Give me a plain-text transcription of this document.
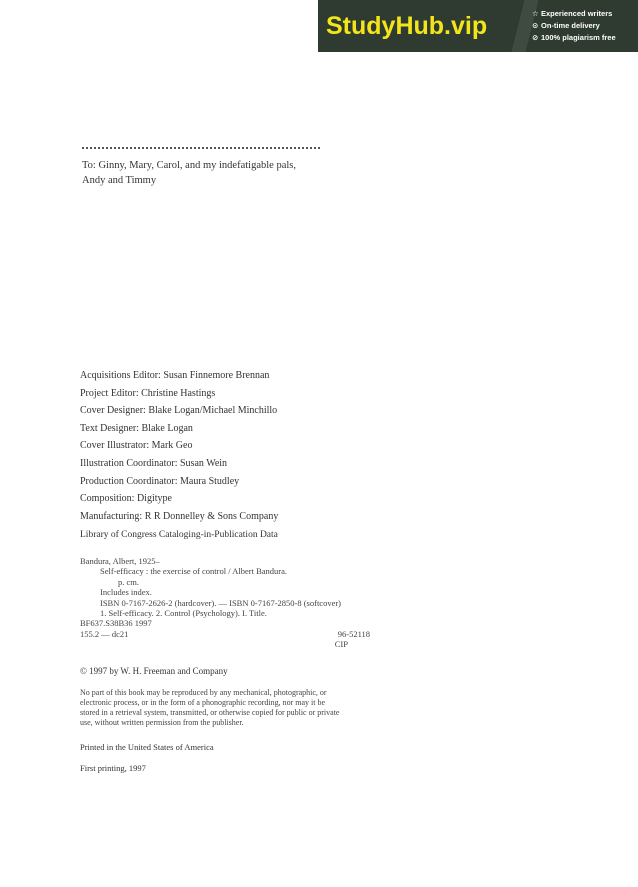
StudyHub.vip	☆ Experienced writers
⊙ On-time delivery
⊘ 100% plagiarism free
To: Ginny, Mary, Carol, and my indefatigable pals,
Andy and Timmy
Acquisitions Editor: Susan Finnemore Brennan
Project Editor: Christine Hastings
Cover Designer: Blake Logan/Michael Minchillo
Text Designer: Blake Logan
Cover Illustrator: Mark Geo
Illustration Coordinator: Susan Wein
Production Coordinator: Maura Studley
Composition: Digitype
Manufacturing: R R Donnelley & Sons Company
Library of Congress Cataloging-in-Publication Data
Bandura, Albert, 1925–
Self-efficacy : the exercise of control / Albert Bandura.
p. cm.
Includes index.
ISBN 0-7167-2626-2 (hardcover). — ISBN 0-7167-2850-8 (softcover)
1. Self-efficacy. 2. Control (Psychology). I. Title.
BF637.S38B36 1997
155.2 — dc21	96-52118
CIP
© 1997 by W. H. Freeman and Company
No part of this book may be reproduced by any mechanical, photographic, or
electronic process, or in the form of a phonographic recording, nor may it be
stored in a retrieval system, transmitted, or otherwise copied for public or private
use, without written permission from the publisher.
Printed in the United States of America
First printing, 1997
